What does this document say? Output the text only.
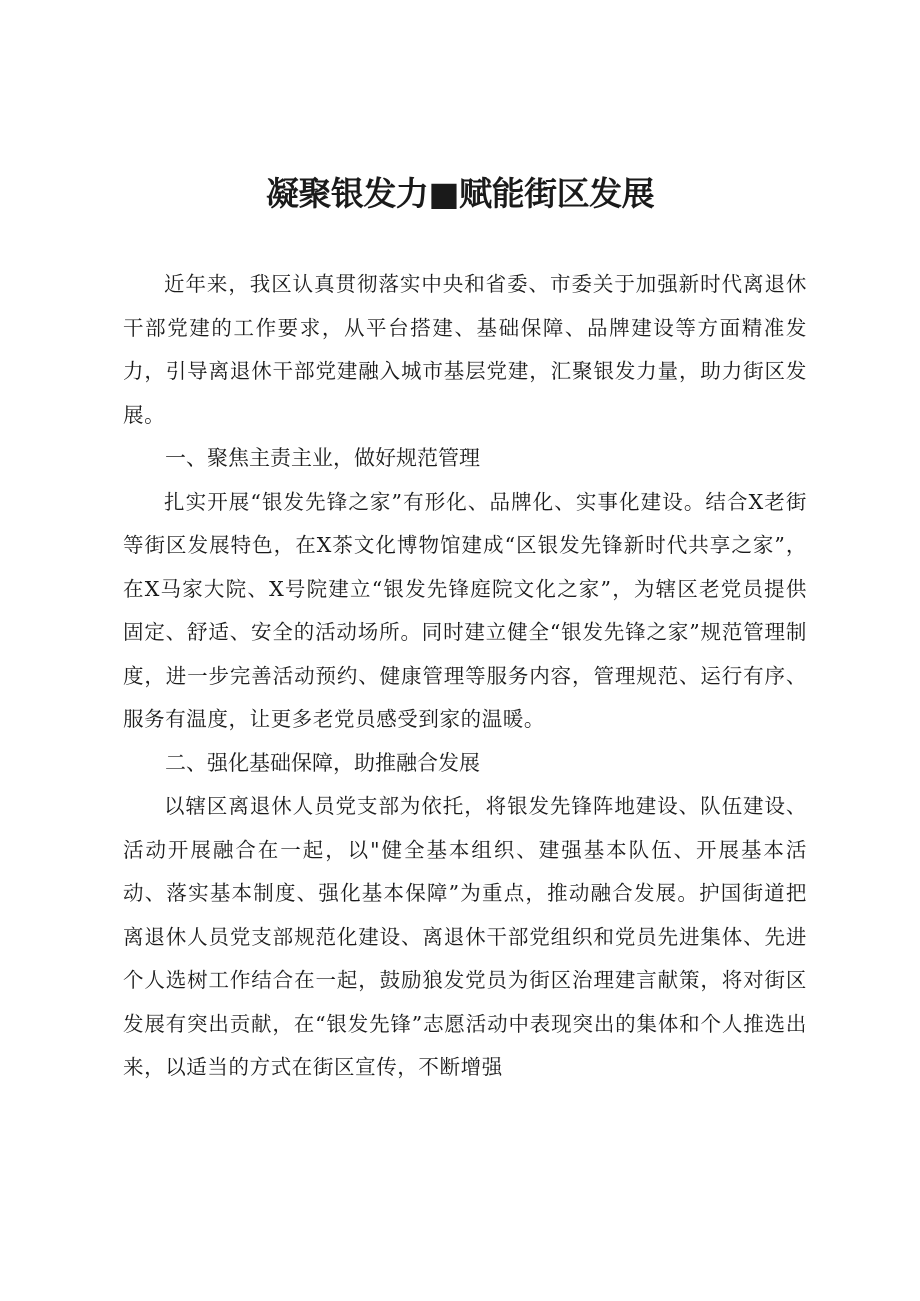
凝聚银发力■赋能街区发展

近年来，我区认真贯彻落实中央和省委、市委关于加强新时代离退休干部党建的工作要求，从平台搭建、基础保障、品牌建设等方面精准发力，引导离退休干部党建融入城市基层党建，汇聚银发力量，助力街区发展。

一、聚焦主责主业，做好规范管理

扎实开展“银发先锋之家”有形化、品牌化、实事化建设。结合X老街等街区发展特色，在X茶文化博物馆建成“区银发先锋新时代共享之家”，在X马家大院、X号院建立“银发先锋庭院文化之家”，为辖区老党员提供固定、舒适、安全的活动场所。同时建立健全“银发先锋之家”规范管理制度，进一步完善活动预约、健康管理等服务内容，管理规范、运行有序、服务有温度，让更多老党员感受到家的温暖。

二、强化基础保障，助推融合发展

以辖区离退休人员党支部为依托，将银发先锋阵地建设、队伍建设、活动开展融合在一起，以"健全基本组织、建强基本队伍、开展基本活动、落实基本制度、强化基本保障”为重点，推动融合发展。护国街道把离退休人员党支部规范化建设、离退休干部党组织和党员先进集体、先进个人选树工作结合在一起，鼓励狼发党员为街区治理建言献策，将对街区发展有突出贡献，在“银发先锋”志愿活动中表现突出的集体和个人推选出来，以适当的方式在街区宣传，不断增强
